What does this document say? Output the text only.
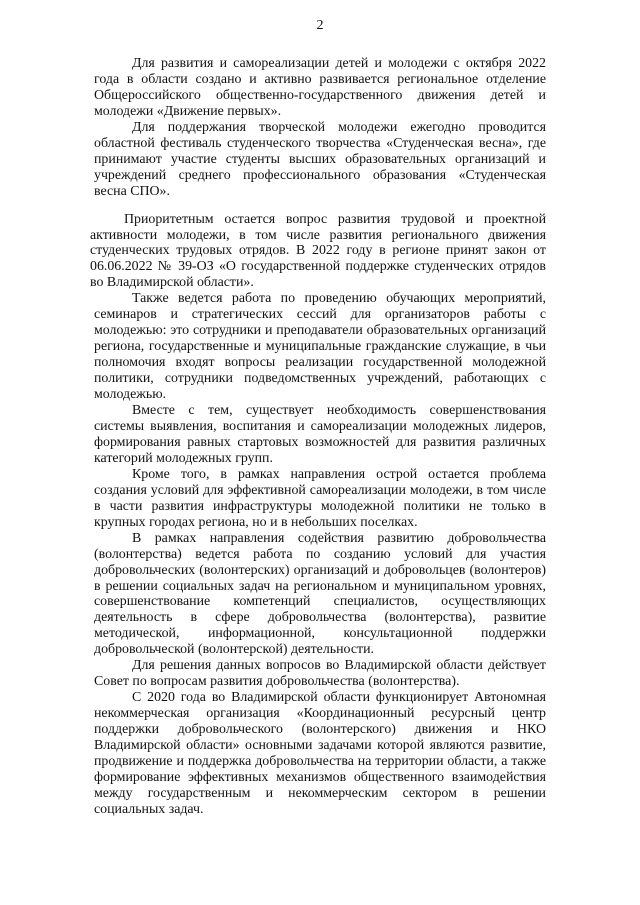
2

Для развития и самореализации детей и молодежи с октября 2022 года в области создано и активно развивается региональное отделение Общероссийского общественно-государственного движения детей и молодежи «Движение первых».

Для поддержания творческой молодежи ежегодно проводится областной фестиваль студенческого творчества «Студенческая весна», где принимают участие студенты высших образовательных организаций и учреждений среднего профессионального образования «Студенческая весна СПО».

Приоритетным остается вопрос развития трудовой и проектной активности молодежи, в том числе развития регионального движения студенческих трудовых отрядов. В 2022 году в регионе принят закон от 06.06.2022 № 39-ОЗ «О государственной поддержке студенческих отрядов во Владимирской области».

Также ведется работа по проведению обучающих мероприятий, семинаров и стратегических сессий для организаторов работы с молодежью: это сотрудники и преподаватели образовательных организаций региона, государственные и муниципальные гражданские служащие, в чьи полномочия входят вопросы реализации государственной молодежной политики, сотрудники подведомственных учреждений, работающих с молодежью.

Вместе с тем, существует необходимость совершенствования системы выявления, воспитания и самореализации молодежных лидеров, формирования равных стартовых возможностей для развития различных категорий молодежных групп.

Кроме того, в рамках направления острой остается проблема создания условий для эффективной самореализации молодежи, в том числе в части развития инфраструктуры молодежной политики не только в крупных городах региона, но и в небольших поселках.

В рамках направления содействия развитию добровольчества (волонтерства) ведется работа по созданию условий для участия добровольческих (волонтерских) организаций и добровольцев (волонтеров) в решении социальных задач на региональном и муниципальном уровнях, совершенствование компетенций специалистов, осуществляющих деятельность в сфере добровольчества (волонтерства), развитие методической, информационной, консультационной поддержки добровольческой (волонтерской) деятельности.

Для решения данных вопросов во Владимирской области действует Совет по вопросам развития добровольчества (волонтерства).

С 2020 года во Владимирской области функционирует Автономная некоммерческая организация «Координационный ресурсный центр поддержки добровольческого (волонтерского) движения и НКО Владимирской области» основными задачами которой являются развитие, продвижение и поддержка добровольчества на территории области, а также формирование эффективных механизмов общественного взаимодействия между государственным и некоммерческим сектором в решении социальных задач.
